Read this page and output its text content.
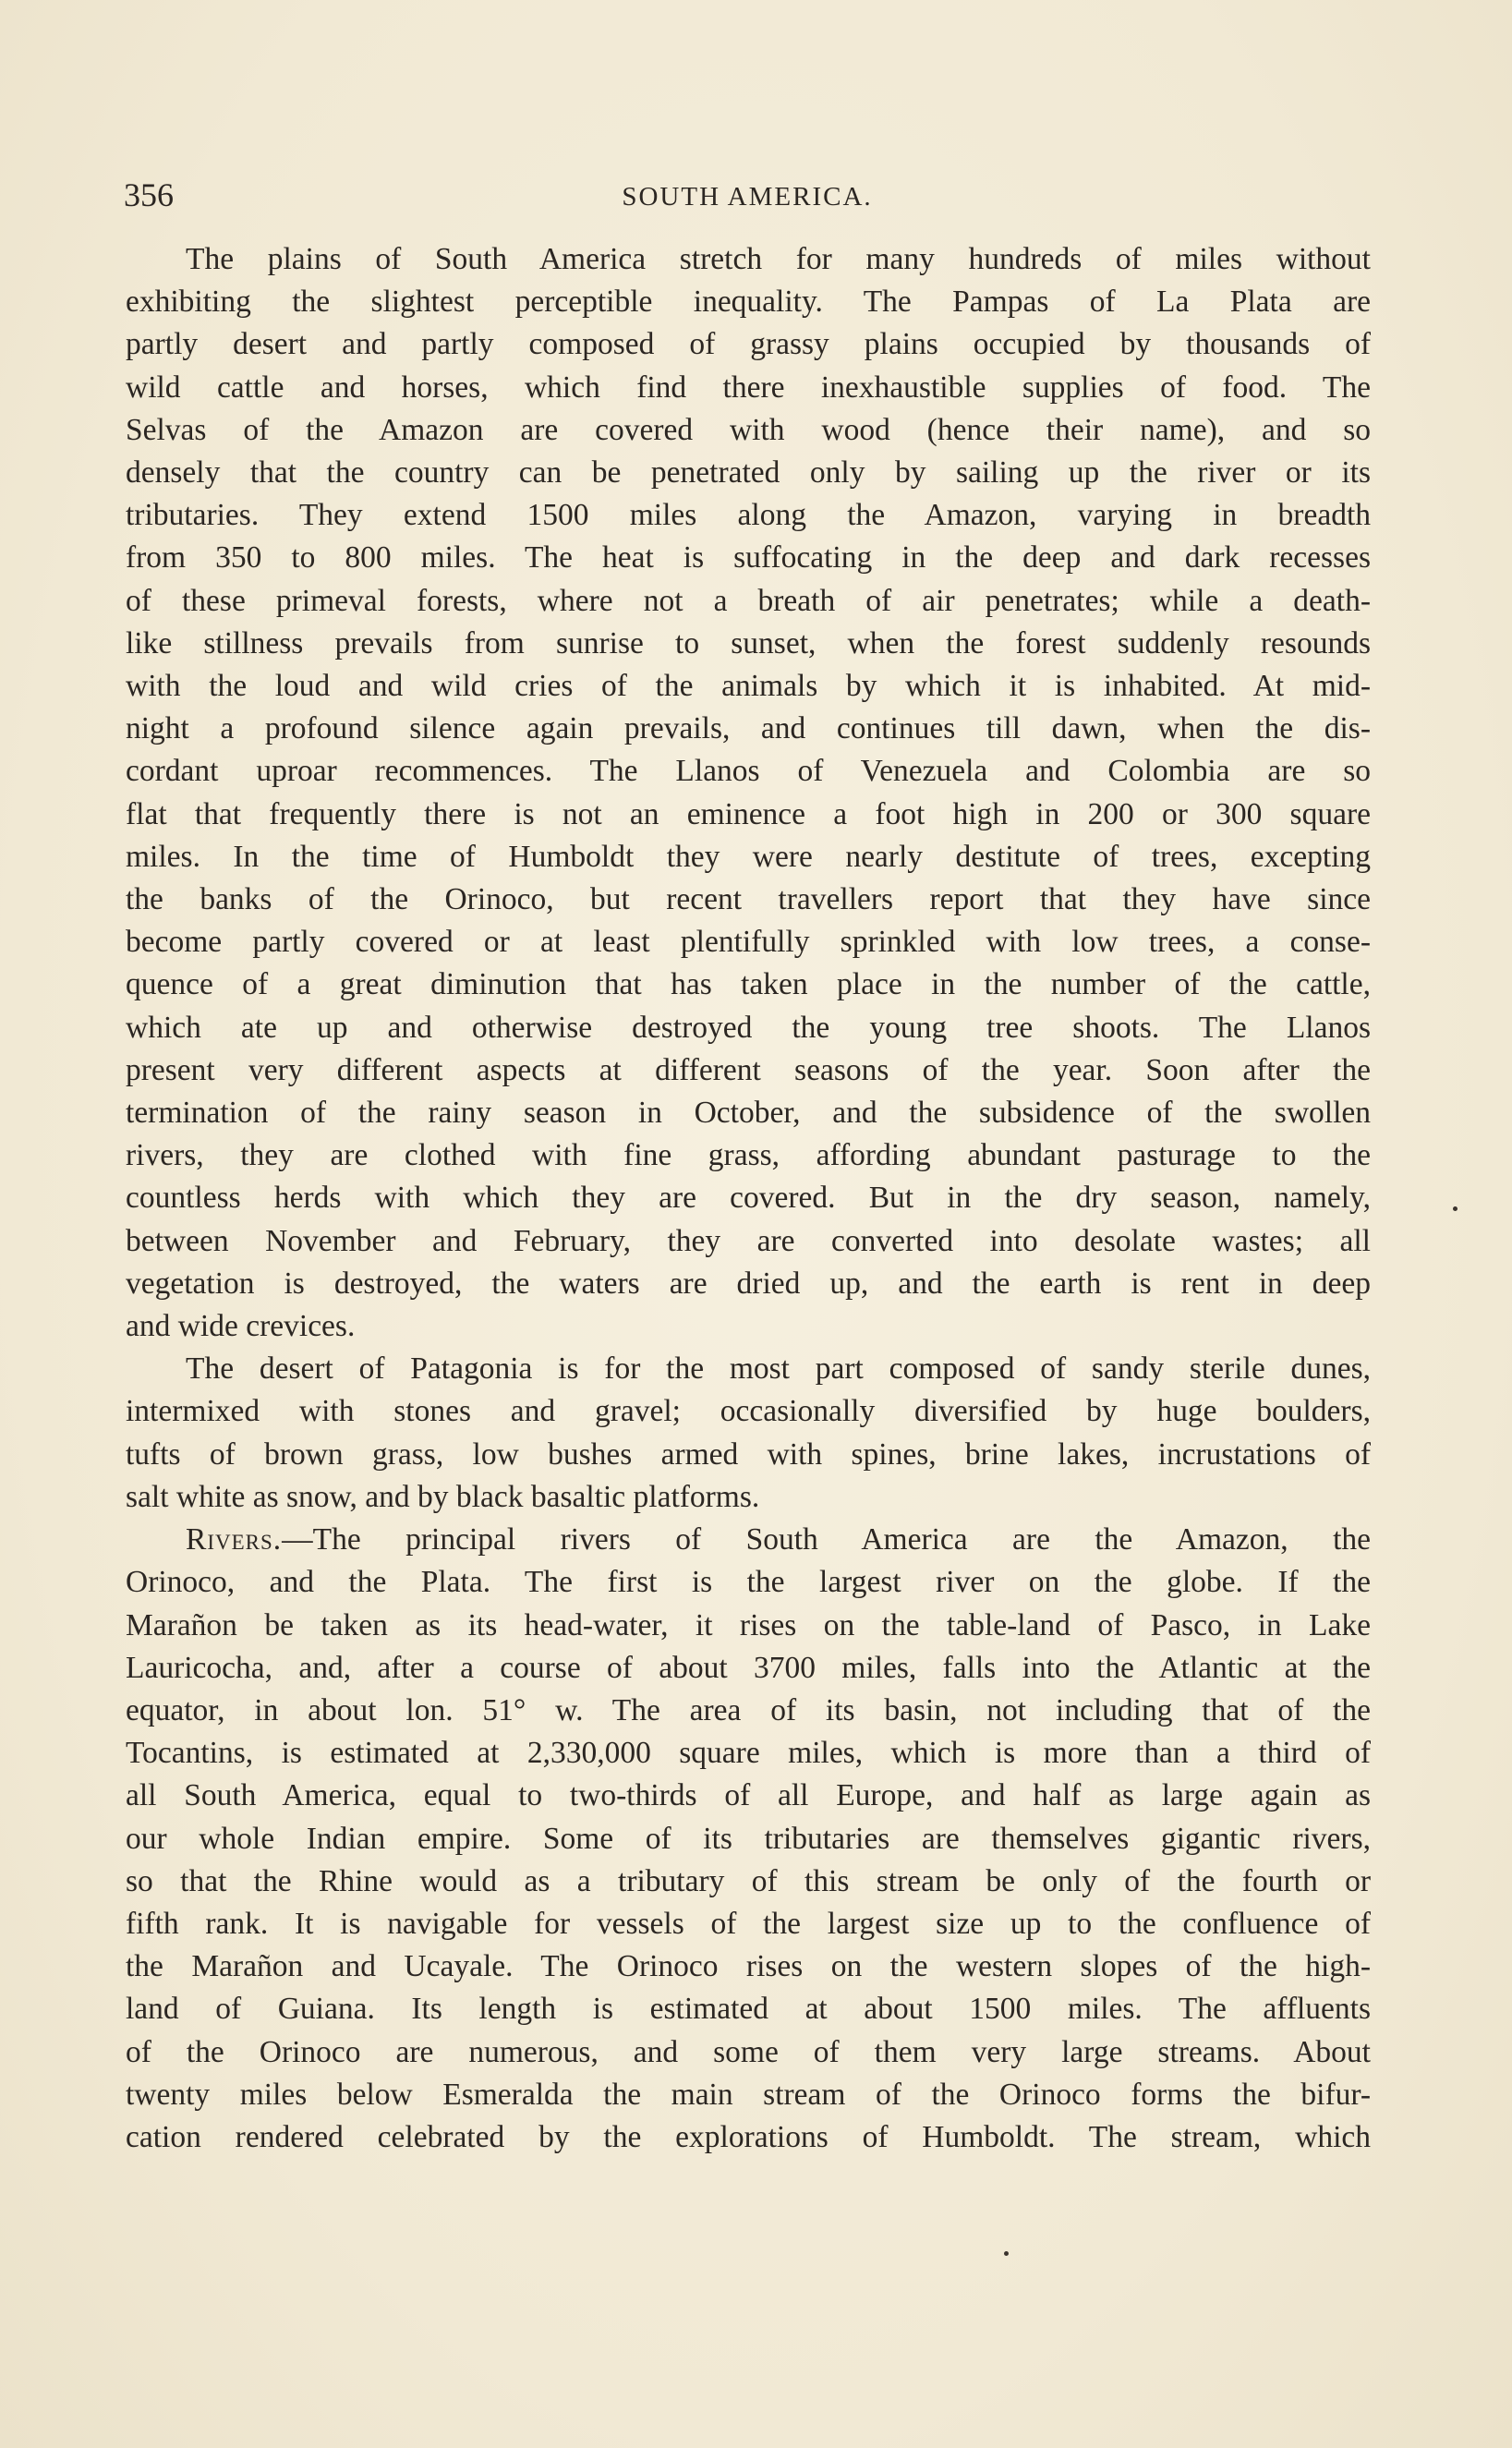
356	SOUTH AMERICA.

The plains of South America stretch for many hundreds of miles without
exhibiting the slightest perceptible inequality. The Pampas of La Plata are
partly desert and partly composed of grassy plains occupied by thousands of
wild cattle and horses, which find there inexhaustible supplies of food. The
Selvas of the Amazon are covered with wood (hence their name), and so
densely that the country can be penetrated only by sailing up the river or its
tributaries. They extend 1500 miles along the Amazon, varying in breadth
from 350 to 800 miles. The heat is suffocating in the deep and dark recesses
of these primeval forests, where not a breath of air penetrates; while a death-
like stillness prevails from sunrise to sunset, when the forest suddenly resounds
with the loud and wild cries of the animals by which it is inhabited. At mid-
night a profound silence again prevails, and continues till dawn, when the dis-
cordant uproar recommences. The Llanos of Venezuela and Colombia are so
flat that frequently there is not an eminence a foot high in 200 or 300 square
miles. In the time of Humboldt they were nearly destitute of trees, excepting
the banks of the Orinoco, but recent travellers report that they have since
become partly covered or at least plentifully sprinkled with low trees, a conse-
quence of a great diminution that has taken place in the number of the cattle,
which ate up and otherwise destroyed the young tree shoots. The Llanos
present very different aspects at different seasons of the year. Soon after the
termination of the rainy season in October, and the subsidence of the swollen
rivers, they are clothed with fine grass, affording abundant pasturage to the
countless herds with which they are covered. But in the dry season, namely,
between November and February, they are converted into desolate wastes; all
vegetation is destroyed, the waters are dried up, and the earth is rent in deep
and wide crevices.

The desert of Patagonia is for the most part composed of sandy sterile dunes,
intermixed with stones and gravel; occasionally diversified by huge boulders,
tufts of brown grass, low bushes armed with spines, brine lakes, incrustations of
salt white as snow, and by black basaltic platforms.

Rivers.—The principal rivers of South America are the Amazon, the
Orinoco, and the Plata. The first is the largest river on the globe. If the
Marañon be taken as its head-water, it rises on the table-land of Pasco, in Lake
Lauricocha, and, after a course of about 3700 miles, falls into the Atlantic at the
equator, in about lon. 51° w. The area of its basin, not including that of the
Tocantins, is estimated at 2,330,000 square miles, which is more than a third of
all South America, equal to two-thirds of all Europe, and half as large again as
our whole Indian empire. Some of its tributaries are themselves gigantic rivers,
so that the Rhine would as a tributary of this stream be only of the fourth or
fifth rank. It is navigable for vessels of the largest size up to the confluence of
the Marañon and Ucayale. The Orinoco rises on the western slopes of the high-
land of Guiana. Its length is estimated at about 1500 miles. The affluents
of the Orinoco are numerous, and some of them very large streams. About
twenty miles below Esmeralda the main stream of the Orinoco forms the bifur-
cation rendered celebrated by the explorations of Humboldt. The stream, which
